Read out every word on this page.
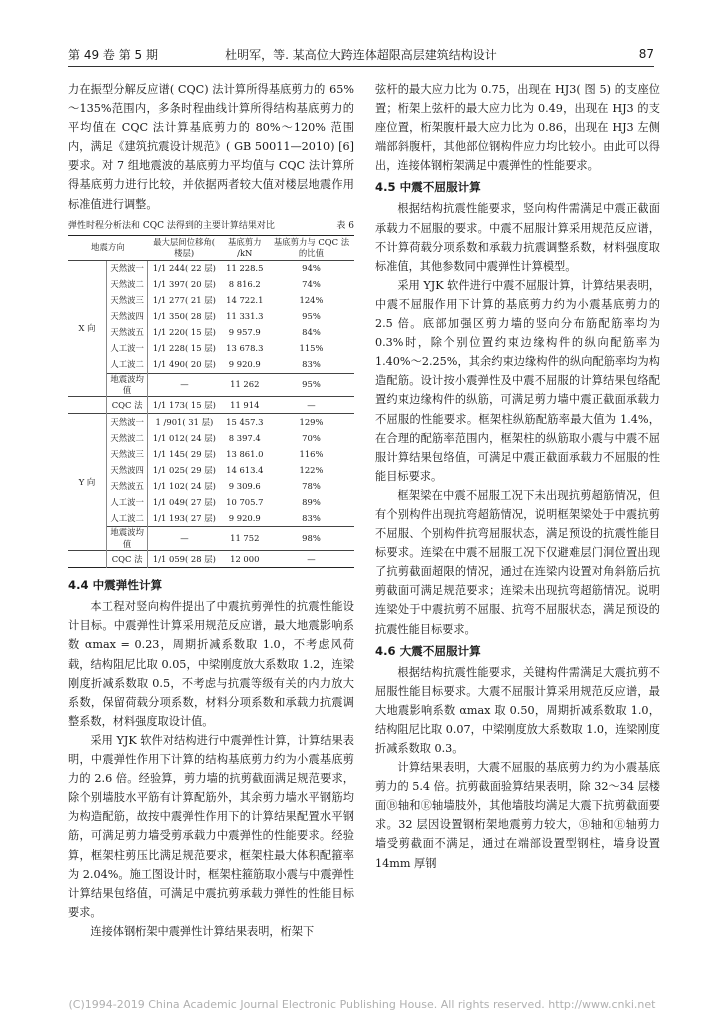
第 49 卷 第 5 期	杜明军，等. 某高位大跨连体超限高层建筑结构设计	87

力在振型分解反应谱( CQC) 法计算所得基底剪力的 65%～135%范围内，多条时程曲线计算所得结构基底剪力的平均值在 CQC 法计算基底剪力的 80%～120% 范围内，满足《建筑抗震设计规范》( GB 50011—2010) [6] 要求。对 7 组地震波的基底剪力平均值与 CQC 法计算所得基底剪力进行比较，并依据两者较大值对楼层地震作用标准值进行调整。

弹性时程分析法和 CQC 法得到的主要计算结果对比	表 6
地震方向		最大层间位移角( 楼层)	基底剪力 /kN	基底剪力与 CQC 法的比值
X 向	天然波一	1/1 244( 22 层)	11 228.5	94%
	天然波二	1/1 397( 20 层)	8 816.2	74%
	天然波三	1/1 277( 21 层)	14 722.1	124%
	天然波四	1/1 350( 28 层)	11 331.3	95%
	天然波五	1/1 220( 15 层)	9 957.9	84%
	人工波一	1/1 228( 15 层)	13 678.3	115%
	人工波二	1/1 490( 20 层)	9 920.9	83%
	地震波均值	—	11 262	95%
	CQC 法	1/1 173( 15 层)	11 914	—
Y 向	天然波一	1 /901( 31 层)	15 457.3	129%
	天然波二	1/1 012( 24 层)	8 397.4	70%
	天然波三	1/1 145( 29 层)	13 861.0	116%
	天然波四	1/1 025( 29 层)	14 613.4	122%
	天然波五	1/1 102( 24 层)	9 309.6	78%
	人工波一	1/1 049( 27 层)	10 705.7	89%
	人工波二	1/1 193( 27 层)	9 920.9	83%
	地震波均值	—	11 752	98%
	CQC 法	1/1 059( 28 层)	12 000	—
4.4 中震弹性计算

本工程对竖向构件提出了中震抗剪弹性的抗震性能设计目标。中震弹性计算采用规范反应谱，最大地震影响系数 αmax = 0.23，周期折减系数取 1.0，不考虑风荷载，结构阻尼比取 0.05，中梁刚度放大系数取 1.2，连梁刚度折减系数取 0.5，不考虑与抗震等级有关的内力放大系数，保留荷载分项系数，材料分项系数和承载力抗震调整系数，材料强度取设计值。

采用 YJK 软件对结构进行中震弹性计算，计算结果表明，中震弹性作用下计算的结构基底剪力约为小震基底剪力的 2.6 倍。经验算，剪力墙的抗剪截面满足规范要求，除个别墙肢水平筋有计算配筋外，其余剪力墙水平钢筋均为构造配筋，故按中震弹性作用下的计算结果配置水平钢筋，可满足剪力墙受剪承载力中震弹性的性能要求。经验算，框架柱剪压比满足规范要求，框架柱最大体积配箍率为 2.04%。施工图设计时，框架柱箍筋取小震与中震弹性计算结果包络值，可满足中震抗剪承载力弹性的性能目标要求。

连接体钢桁架中震弹性计算结果表明，桁架下

弦杆的最大应力比为 0.75，出现在 HJ3( 图 5) 的支座位置；桁架上弦杆的最大应力比为 0.49，出现在 HJ3 的支座位置，桁架腹杆最大应力比为 0.86，出现在 HJ3 左侧端部斜腹杆，其他部位钢构件应力均比较小。由此可以得出，连接体钢桁架满足中震弹性的性能要求。

4.5 中震不屈服计算

根据结构抗震性能要求，竖向构件需满足中震正截面承载力不屈服的要求。中震不屈服计算采用规范反应谱，不计算荷载分项系数和承载力抗震调整系数，材料强度取标准值，其他参数同中震弹性计算模型。

采用 YJK 软件进行中震不屈服计算，计算结果表明，中震不屈服作用下计算的基底剪力约为小震基底剪力的 2.5 倍。底部加强区剪力墙的竖向分布筋配筋率均为 0.3%时，除个别位置约束边缘构件的纵向配筋率为 1.40%～2.25%，其余约束边缘构件的纵向配筋率均为构造配筋。设计按小震弹性及中震不屈服的计算结果包络配置约束边缘构件的纵筋，可满足剪力墙中震正截面承载力不屈服的性能要求。框架柱纵筋配筋率最大值为 1.4%，在合理的配筋率范围内，框架柱的纵筋取小震与中震不屈服计算结果包络值，可满足中震正截面承载力不屈服的性能目标要求。

框架梁在中震不屈服工况下未出现抗剪超筋情况，但有个别构件出现抗弯超筋情况，说明框架梁处于中震抗剪不屈服、个别构件抗弯屈服状态，满足预设的抗震性能目标要求。连梁在中震不屈服工况下仅避难层门洞位置出现了抗剪截面超限的情况，通过在连梁内设置对角斜筋后抗剪截面可满足规范要求；连梁未出现抗弯超筋情况。说明连梁处于中震抗剪不屈服、抗弯不屈服状态，满足预设的抗震性能目标要求。

4.6 大震不屈服计算

根据结构抗震性能要求，关键构件需满足大震抗剪不屈服性能目标要求。大震不屈服计算采用规范反应谱，最大地震影响系数 αmax 取 0.50，周期折减系数取 1.0，结构阻尼比取 0.07，中梁刚度放大系数取 1.0，连梁刚度折减系数取 0.3。

计算结果表明，大震不屈服的基底剪力约为小震基底剪力的 5.4 倍。抗剪截面验算结果表明，除 32～34 层楼面Ⓑ轴和Ⓔ轴墙肢外，其他墙肢均满足大震下抗剪截面要求。32 层因设置钢桁架地震剪力较大，Ⓑ轴和Ⓔ轴剪力墙受剪截面不满足，通过在端部设置型钢柱，墙身设置 14mm 厚钢

(C)1994-2019 China Academic Journal Electronic Publishing House. All rights reserved. http://www.cnki.net
